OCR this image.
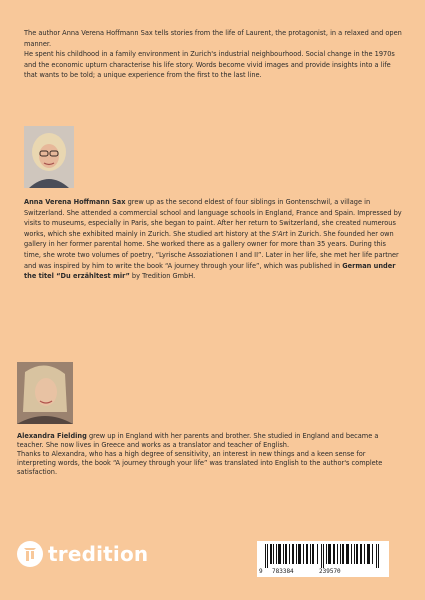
The author Anna Verena Hoffmann Sax tells stories from the life of Laurent, the protagonist, in a relaxed and open manner.

He spent his childhood in a family environment in Zurich's industrial neighbourhood. Social change in the 1970s and the economic upturn characterise his life story. Words become vivid images and provide insights into a life that wants to be told; a unique experience from the first to the last line.

Anna Verena Hoffmann Sax grew up as the second eldest of four siblings in Gontenschwil, a village in Switzerland. She attended a commercial school and language schools in England, France and Spain. Impressed by visits to museums, especially in Paris, she began to paint. After her return to Switzerland, she created numerous works, which she exhibited mainly in Zurich. She studied art history at the S'Art in Zurich. She founded her own gallery in her former parental home. She worked there as a gallery owner for more than 35 years. During this time, she wrote two volumes of poetry, “Lyrische Assoziationen I and II”. Later in her life, she met her life partner and was inspired by him to write the book “A journey through your life”, which was published in German under the titel “Du erzähltest mir” by Tredition GmbH.

Alexandra Fielding grew up in England with her parents and brother. She studied in England and became a teacher. She now lives in Greece and works as a translator and teacher of English.

Thanks to Alexandra, who has a high degree of sensitivity, an interest in new things and a keen sense for interpreting words, the book “A journey through your life” was translated into English to the author's complete satisfaction.

tredition
9 783384	239570
